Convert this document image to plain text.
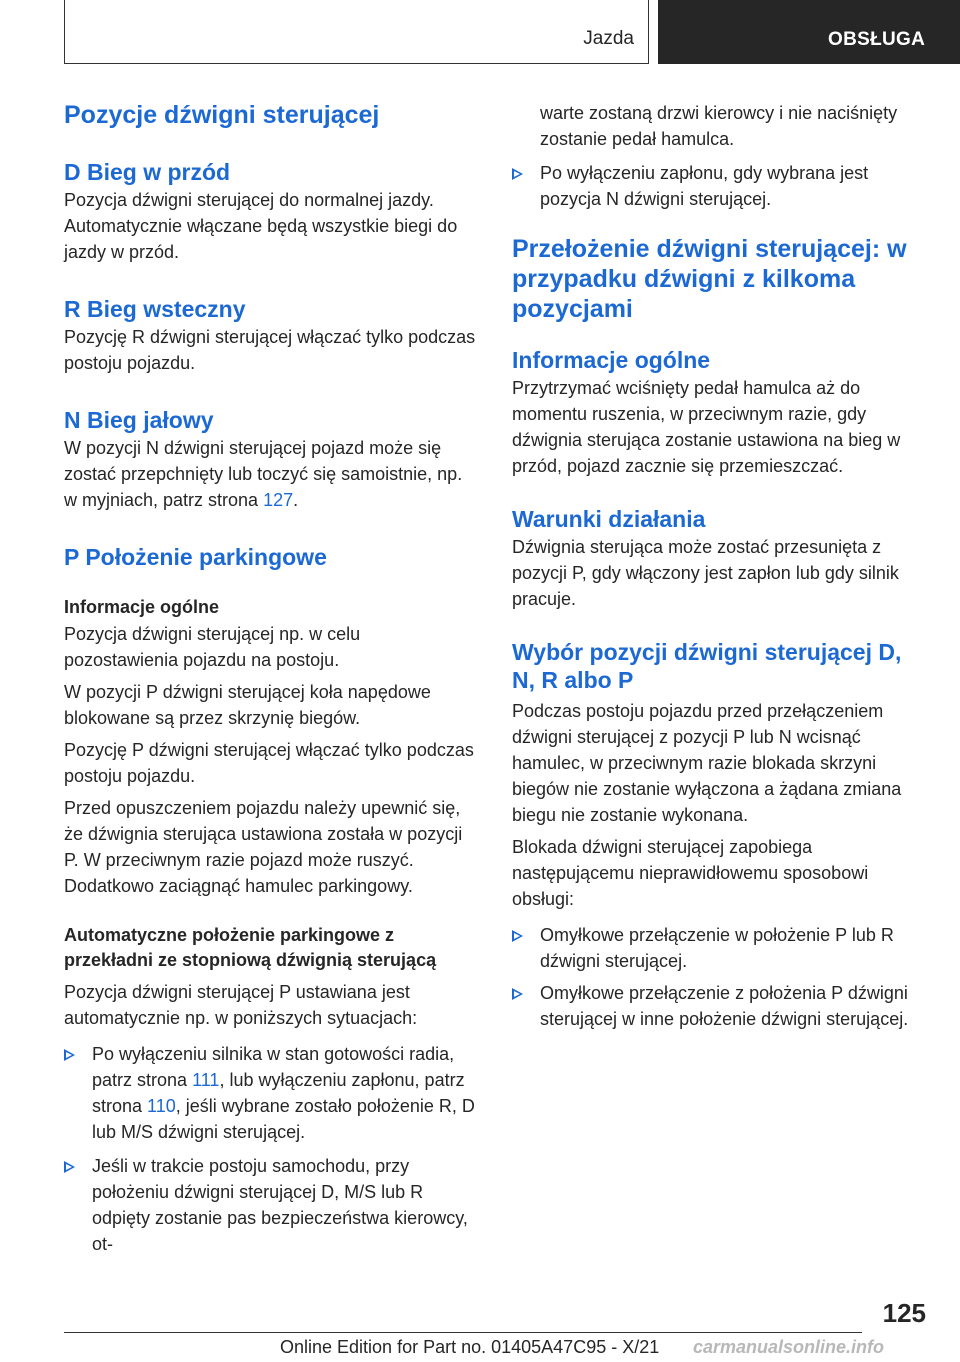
Jazda	OBSŁUGA
Pozycje dźwigni sterującej
D Bieg w przód

Pozycja dźwigni sterującej do normalnej jazdy. Automatycznie włączane będą wszystkie biegi do jazdy w przód.

R Bieg wsteczny

Pozycję R dźwigni sterującej włączać tylko podczas postoju pojazdu.

N Bieg jałowy

W pozycji N dźwigni sterującej pojazd może się zostać przepchnięty lub toczyć się samoistnie, np. w myjniach, patrz strona 127.

P Położenie parkingowe
Informacje ogólne

Pozycja dźwigni sterującej np. w celu pozostawienia pojazdu na postoju.

W pozycji P dźwigni sterującej koła napędowe blokowane są przez skrzynię biegów.

Pozycję P dźwigni sterującej włączać tylko podczas postoju pojazdu.

Przed opuszczeniem pojazdu należy upewnić się, że dźwignia sterująca ustawiona została w pozycji P. W przeciwnym razie pojazd może ruszyć. Dodatkowo zaciągnąć hamulec parkingowy.

Automatyczne położenie parkingowe z przekładni ze stopniową dźwignią sterującą

Pozycja dźwigni sterującej P ustawiana jest automatycznie np. w poniższych sytuacjach:

Po wyłączeniu silnika w stan gotowości radia, patrz strona 111, lub wyłączeniu zapłonu, patrz strona 110, jeśli wybrane zostało położenie R, D lub M/S dźwigni sterującej.
Jeśli w trakcie postoju samochodu, przy położeniu dźwigni sterującej D, M/S lub R odpięty zostanie pas bezpieczeństwa kierowcy, ot-

warte zostaną drzwi kierowcy i nie naciśnięty zostanie pedał hamulca.

Po wyłączeniu zapłonu, gdy wybrana jest pozycja N dźwigni sterującej.
Przełożenie dźwigni sterującej: w przypadku dźwigni z kilkoma pozycjami
Informacje ogólne

Przytrzymać wciśnięty pedał hamulca aż do momentu ruszenia, w przeciwnym razie, gdy dźwignia sterująca zostanie ustawiona na bieg w przód, pojazd zacznie się przemieszczać.

Warunki działania

Dźwignia sterująca może zostać przesunięta z pozycji P, gdy włączony jest zapłon lub gdy silnik pracuje.

Wybór pozycji dźwigni sterującej D, N, R albo P

Podczas postoju pojazdu przed przełączeniem dźwigni sterującej z pozycji P lub N wcisnąć hamulec, w przeciwnym razie blokada skrzyni biegów nie zostanie wyłączona a żądana zmiana biegu nie zostanie wykonana.

Blokada dźwigni sterującej zapobiega następującemu nieprawidłowemu sposobowi obsługi:

Omyłkowe przełączenie w położenie P lub R dźwigni sterującej.
Omyłkowe przełączenie z położenia P dźwigni sterującej w inne położenie dźwigni sterującej.
125
Online Edition for Part no. 01405A47C95 - X/21 carmanualsonline.info
